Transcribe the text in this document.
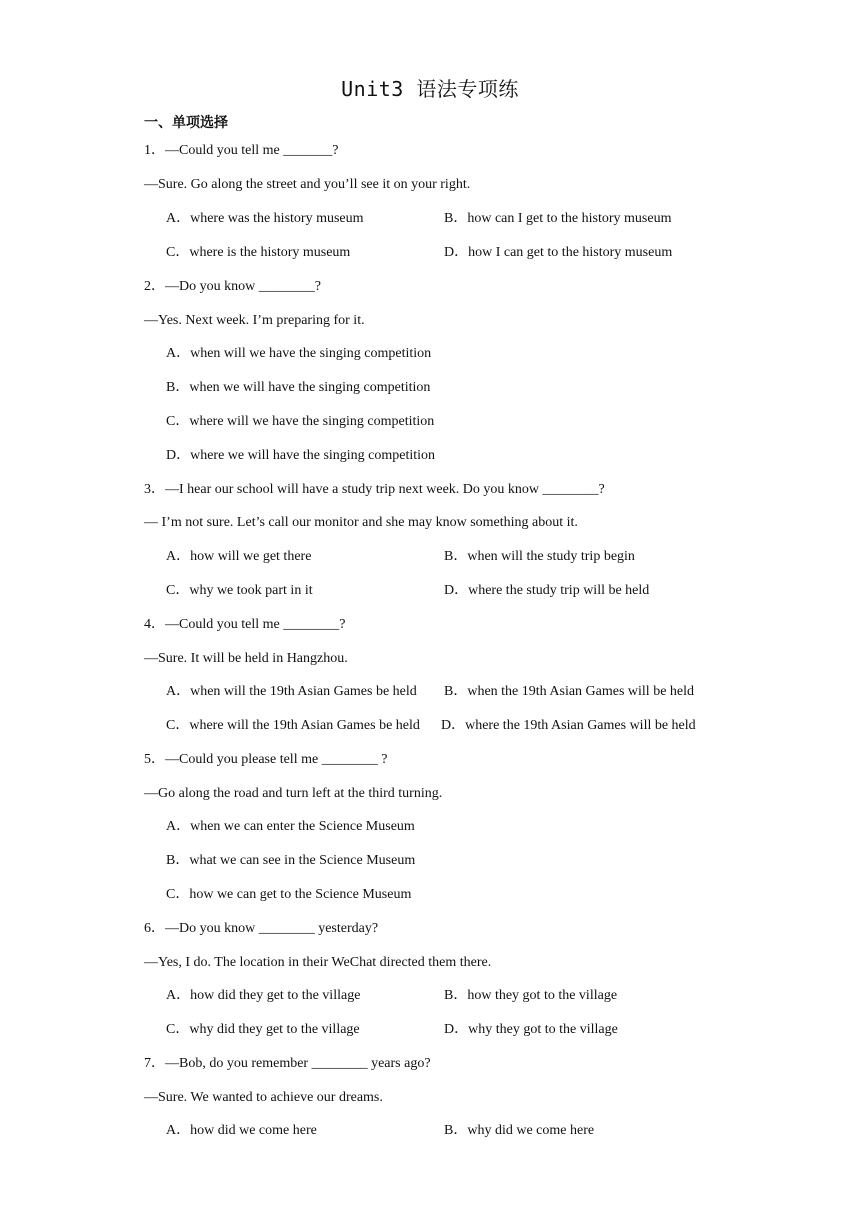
Unit3 语法专项练
一、单项选择
1．—Could you tell me _______?
—Sure. Go along the street and you’ll see it on your right.
A．where was the history museum	B．how can I get to the history museum
C．where is the history museum	D．how I can get to the history museum
2．—Do you know ________?
—Yes. Next week. I’m preparing for it.
A．when will we have the singing competition
B．when we will have the singing competition
C．where will we have the singing competition
D．where we will have the singing competition
3．—I hear our school will have a study trip next week. Do you know ________?
— I’m not sure. Let’s call our monitor and she may know something about it.
A．how will we get there	B．when will the study trip begin
C．why we took part in it	D．where the study trip will be held
4．—Could you tell me ________?
—Sure. It will be held in Hangzhou.
A．when will the 19th Asian Games be held B．when the 19th Asian Games will be held
C．where will the 19th Asian Games be held D．where the 19th Asian Games will be held
5．—Could you please tell me ________ ?
—Go along the road and turn left at the third turning.
A．when we can enter the Science Museum
B．what we can see in the Science Museum
C．how we can get to the Science Museum
6．—Do you know ________ yesterday?
—Yes, I do. The location in their WeChat directed them there.
A．how did they get to the village	B．how they got to the village
C．why did they get to the village	D．why they got to the village
7．—Bob, do you remember ________ years ago?
—Sure. We wanted to achieve our dreams.
A．how did we come here	B．why did we come here
